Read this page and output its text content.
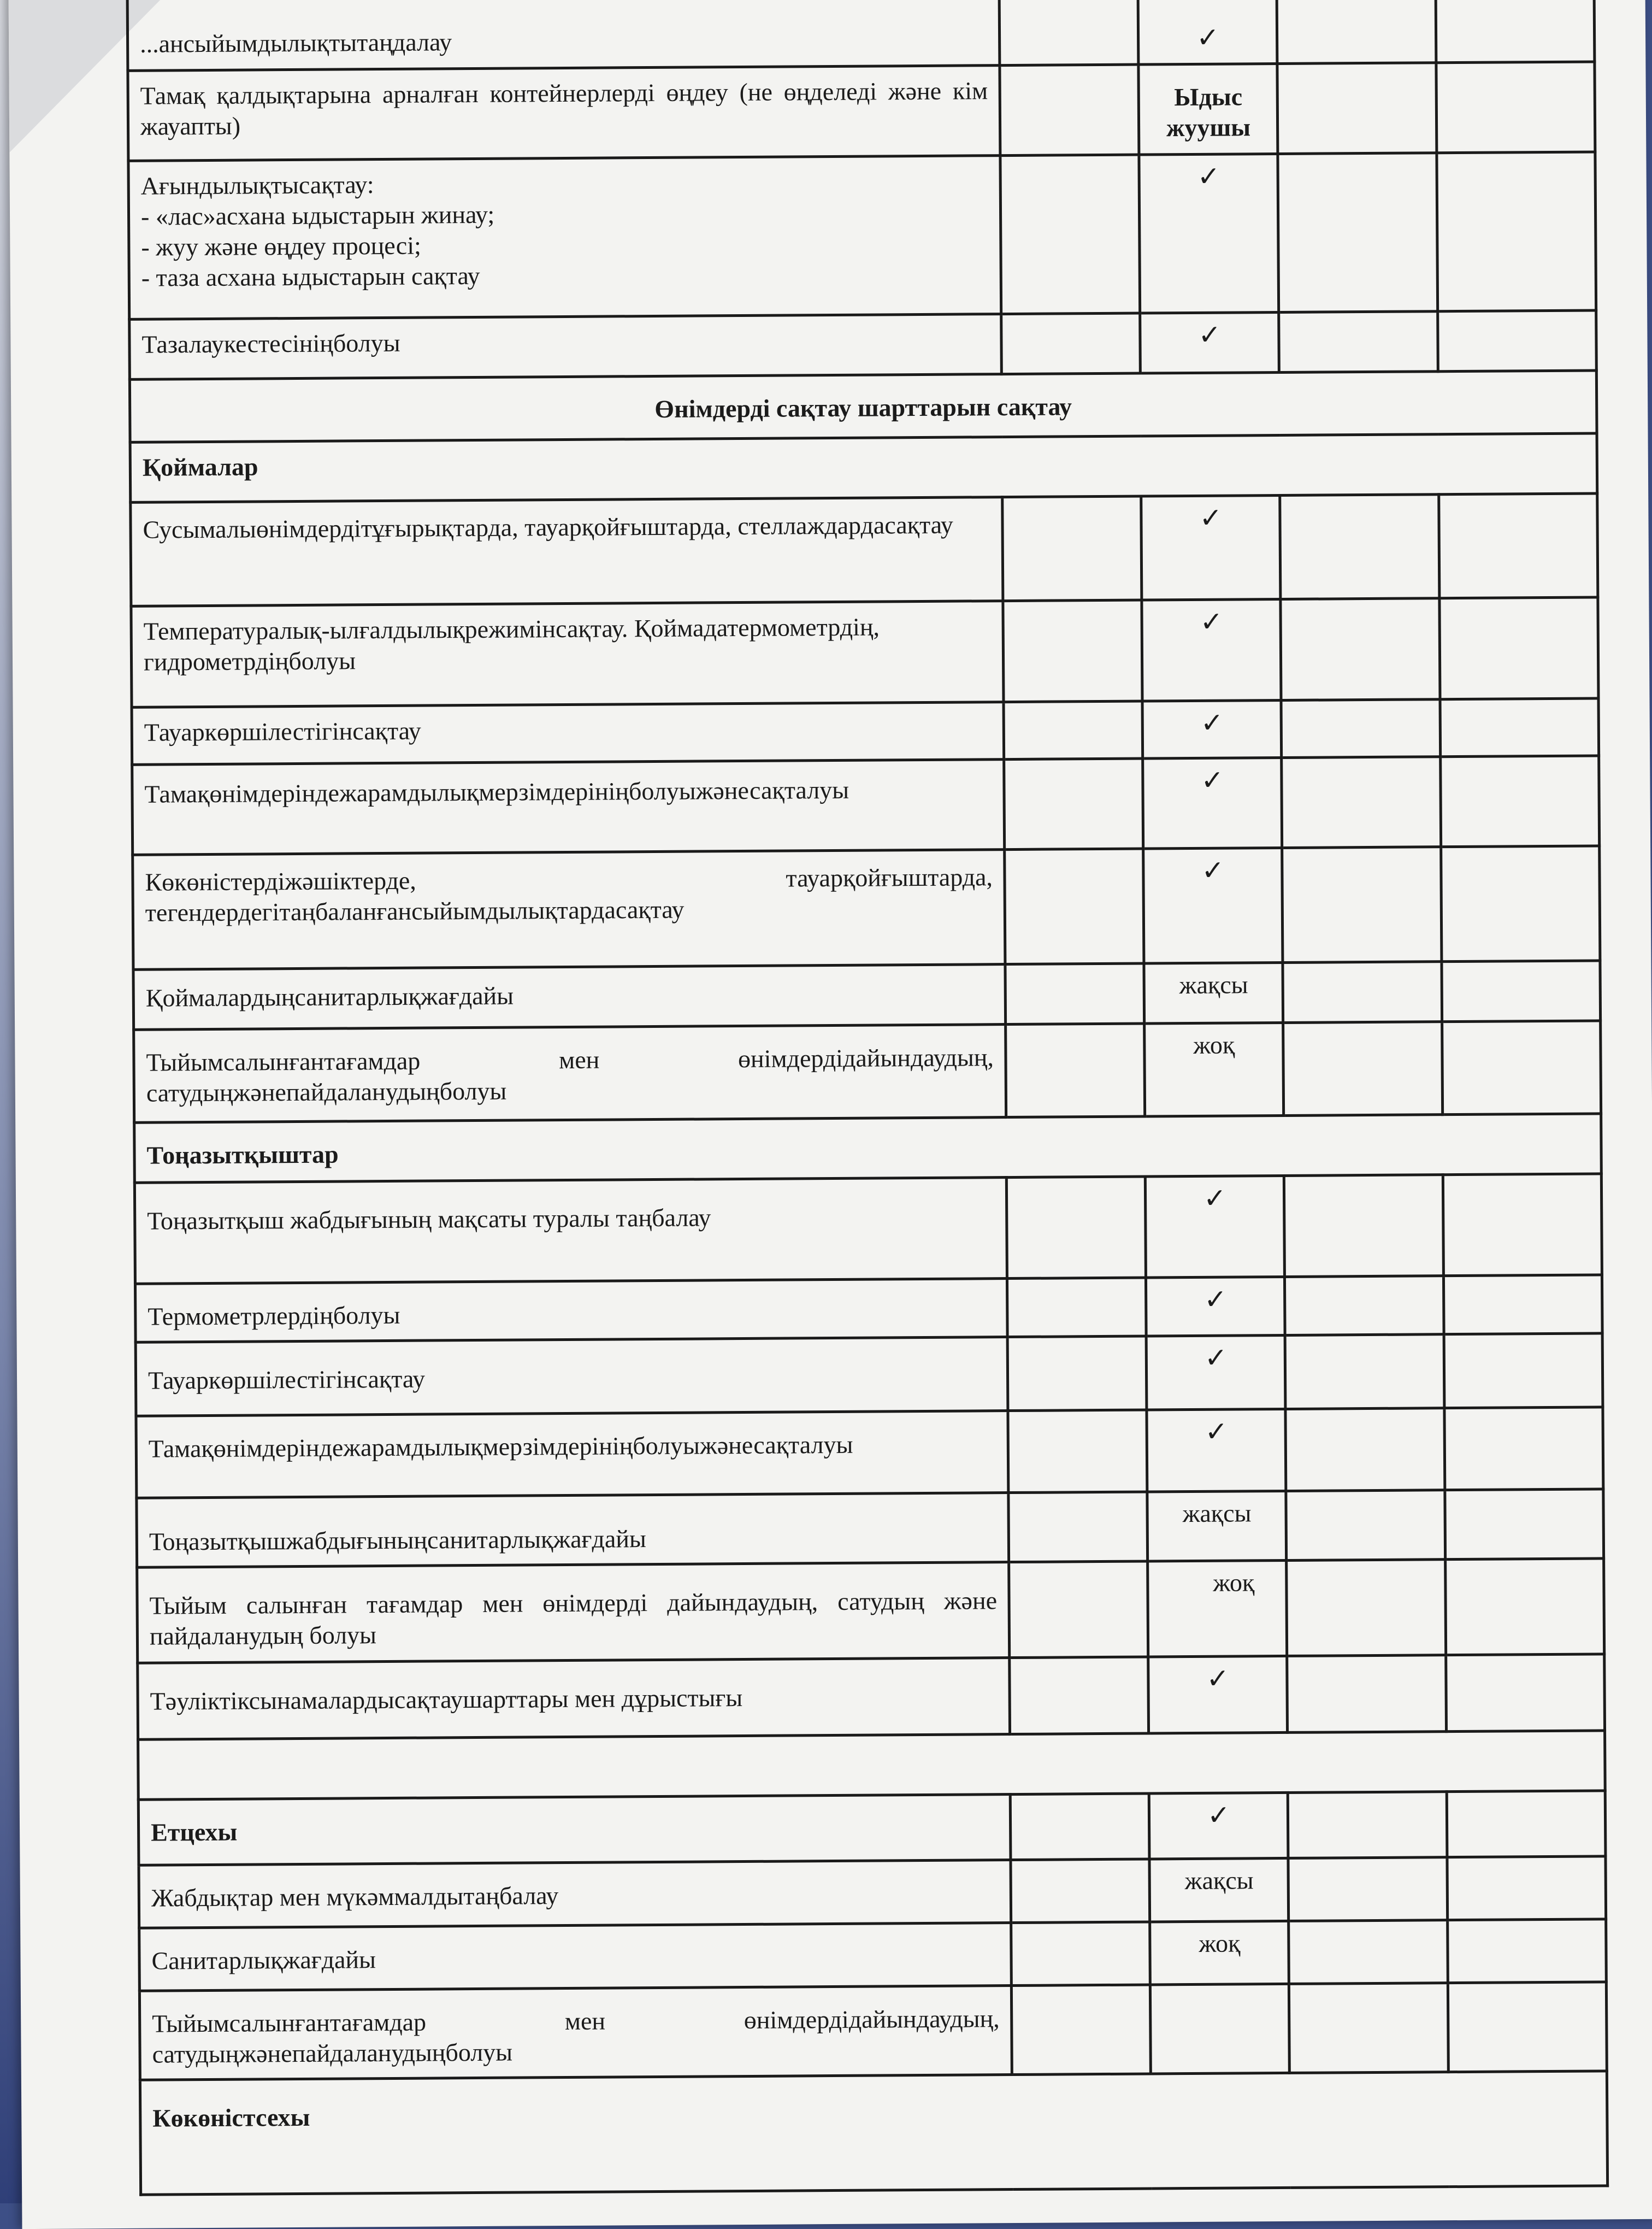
...ансыйымдылықтытаңдалау		✓		
Тамақ қалдықтарына арналған контейнерлерді өңдеу (не өңделеді және кім жауапты)		Ыдыс жуушы		
Ағындылықтысақтау:
- «лас»асхана ыдыстарын жинау;
- жуу және өңдеу процесі;
- таза асхана ыдыстарын сақтау		✓		
Тазалаукестесініңболуы		✓		
Өнімдерді сақтау шарттарын сақтау				
Қоймалар				
Сусымалыөнімдердітұғырықтарда, тауарқойғыштарда, стеллаждардасақтау		✓		
Температуралық-ылғалдылықрежимінсақтау. Қоймадатермометрдің, гидрометрдіңболуы		✓		
Тауаркөршілестігінсақтау		✓		
Тамақөнімдеріндежарамдылықмерзімдерініңболуыжәнесақталуы		✓		
Көкөністердіжәшіктерде, тауарқойғыштарда, тегендердегітаңбаланғансыйымдылықтардасақтау		✓		
Қоймалардыңсанитарлықжағдайы		жақсы		
Тыйымсалынғантағамдар мен өнімдердідайындаудың, сатудыңжәнепайдаланудыңболуы		жоқ		
Тоңазытқыштар				
Тоңазытқыш жабдығының мақсаты туралы таңбалау		✓		
Термометрлердіңболуы		✓		
Тауаркөршілестігінсақтау		✓		
Тамақөнімдеріндежарамдылықмерзімдерініңболуыжәнесақталуы		✓		
Тоңазытқышжабдығыныңсанитарлықжағдайы		жақсы		
Тыйым салынған тағамдар мен өнімдерді дайындаудың, сатудың және пайдаланудың болуы		жоқ		
Тәуліктіксынамалардысақтаушарттары мен дұрыстығы		✓		

Етцехы		✓		
Жабдықтар мен мүкәммалдытаңбалау		жақсы		
Санитарлықжағдайы		жоқ		
Тыйымсалынғантағамдар мен өнімдердідайындаудың, сатудыңжәнепайдаланудыңболуы				
Көкөністсехы				
